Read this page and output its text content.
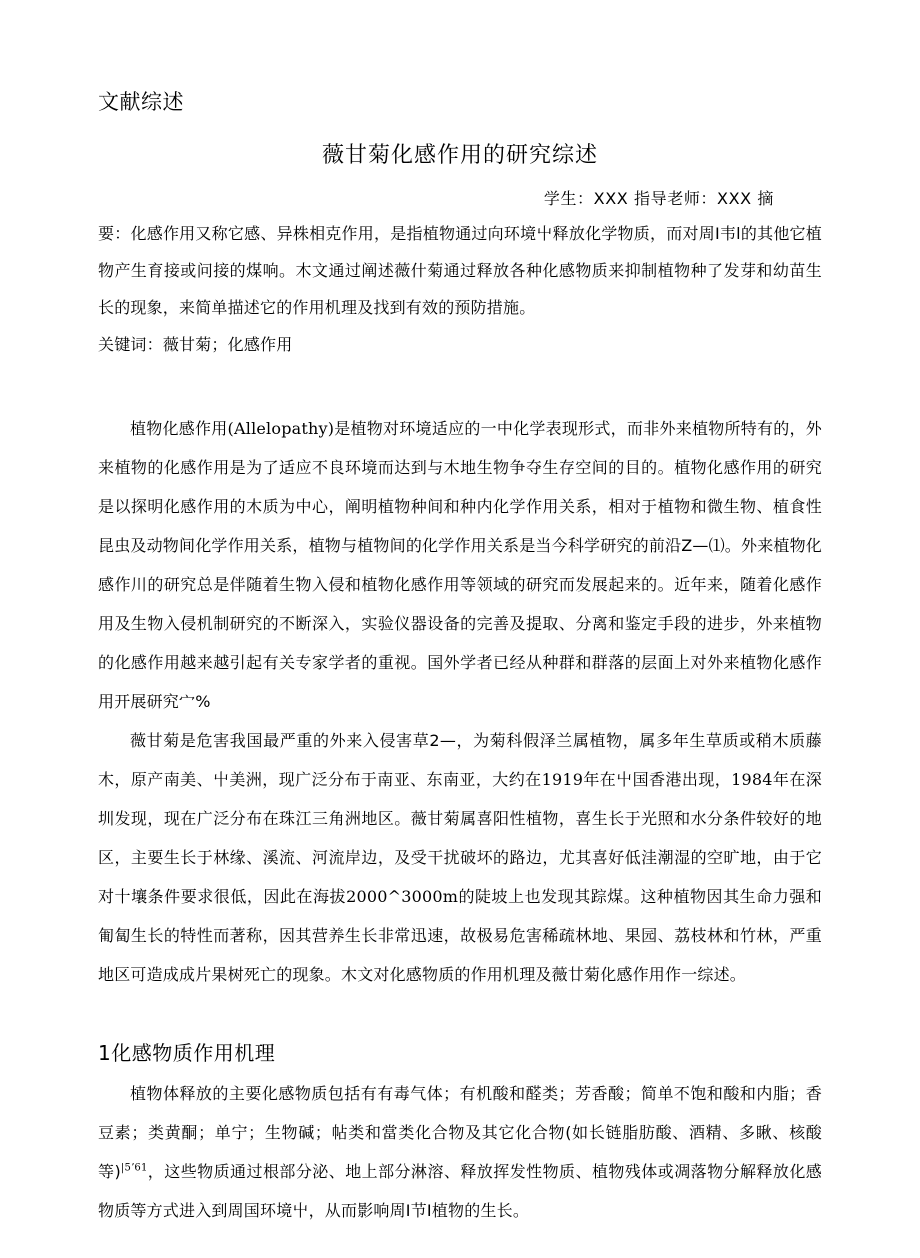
文献综述
薇甘菊化感作用的研究综述
学生：XXX 指导老师：XXX 摘

要：化感作用又称它感、异株相克作用，是指植物通过向环境屮释放化学物质，而对周I韦l的其他它植物产生育接或问接的煤响。木文通过阐述薇什菊通过释放各种化感物质来抑制植物种了发芽和幼苗生长的现象，来简单描述它的作用机理及找到有效的预防措施。

关键词：薇甘菊；化感作用

植物化感作用(Allelopathy)是植物对环境适应的一中化学表现形式，而非外来植物所特有的，外来植物的化感作用是为了适应不良环境而达到与木地生物争夺生存空间的目的。植物化感作用的研究是以探明化感作用的木质为中心，阐明植物种间和种内化学作用关系，相对于植物和微生物、植食性昆虫及动物间化学作用关系，植物与植物间的化学作用关系是当今科学研究的前沿Z—⑴。外来植物化感作川的研究总是伴随着生物入侵和植物化感作用等领域的研究而发展起来的。近年来，随着化感作用及生物入侵机制研究的不断深入，实验仪器设备的完善及提取、分离和鉴定手段的进步，外来植物的化感作用越来越引起有关专家学者的重视。国外学者已经从种群和群落的层面上对外来植物化感作用开展研究宀%

薇甘菊是危害我国最严重的外来入侵害草2—，为菊科假泽兰属植物，属多年生草质或稍木质藤木，原产南美、屮美洲，现广泛分布于南亚、东南亚，大约在1919年在屮国香港出现，1984年在深圳发现，现在广泛分布在珠江三角洲地区。薇甘菊属喜阳性植物，喜生长于光照和水分条件较好的地区，主要生长于林缘、溪流、河流岸边，及受干扰破坏的路边，尤其喜好低洼潮湿的空旷地，由于它对十壤条件要求很低，因此在海拔2000^3000m的陡坡上也发现其踪煤。这种植物因其生命力强和匍匐生长的特性而著称，因其营养生长非常迅速，故极易危害稀疏林地、果园、荔枝林和竹林，严重地区可造成成片果树死亡的现象。木文对化感物质的作用机理及薇廿菊化感作用作一综述。

1化感物质作用机理

植物体释放的主要化感物质包括有有毒气体；有机酸和醛类；芳香酸；简单不饱和酸和内脂；香豆素；类黄酮；单宁；生物碱；帖类和當类化合物及其它化合物(如长链脂肪酸、酒精、多瞅、核酸等)$^{|5ʼ61}$，这些物质通过根部分泌、地上部分淋溶、释放挥发性物质、植物残体或凋落物分解释放化感物质等方式进入到周国环境屮，从而影响周I节I植物的生长。
